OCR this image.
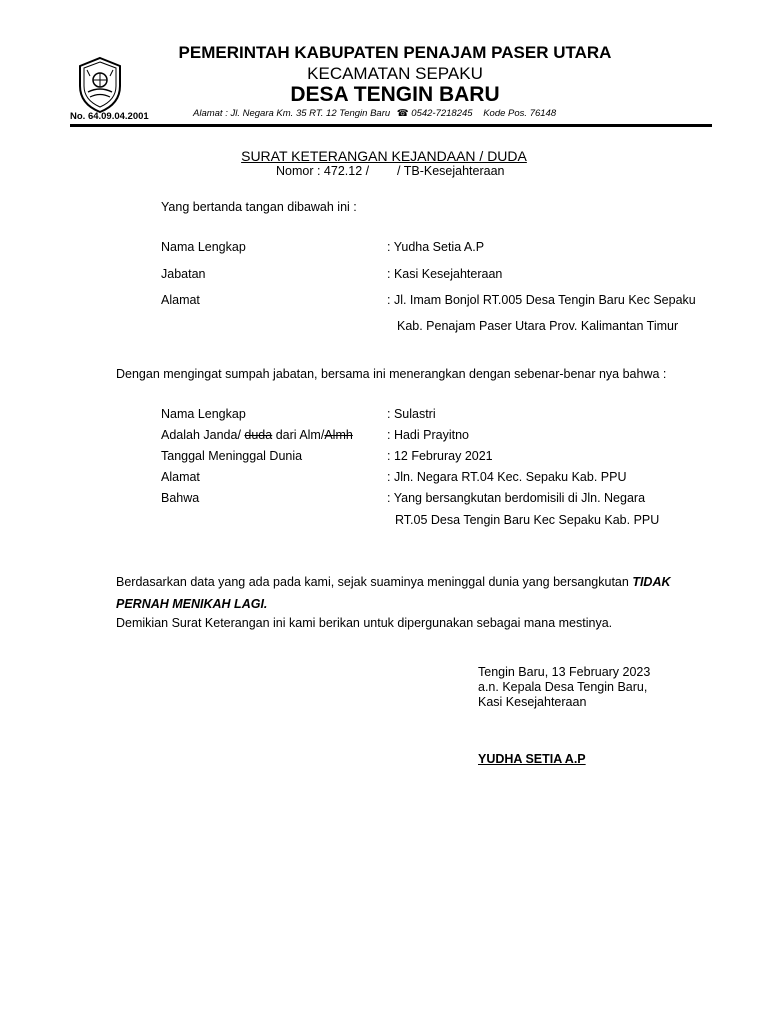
PEMERINTAH KABUPATEN PENAJAM PASER UTARA
KECAMATAN SEPAKU
DESA TENGIN BARU
No. 64.09.04.2001	Alamat : Jl. Negara Km. 35 RT. 12 Tengin Baru ☎ 0542-7218245 Kode Pos. 76148
SURAT KETERANGAN KEJANDAAN / DUDA
Nomor : 472.12 / / TB-Kesejahteraan
Yang bertanda tangan dibawah ini :
Nama Lengkap	: Yudha Setia A.P
Jabatan	: Kasi Kesejahteraan
Alamat	: Jl. Imam Bonjol RT.005 Desa Tengin Baru Kec Sepaku
Kab. Penajam Paser Utara Prov. Kalimantan Timur
Dengan mengingat sumpah jabatan, bersama ini menerangkan dengan sebenar-benar nya bahwa :
Nama Lengkap	: Sulastri
Adalah Janda/ duda dari Alm/Almh	: Hadi Prayitno
Tanggal Meninggal Dunia	: 12 Februray 2021
Alamat	: Jln. Negara RT.04 Kec. Sepaku Kab. PPU
Bahwa	: Yang bersangkutan berdomisili di Jln. Negara
RT.05 Desa Tengin Baru Kec Sepaku Kab. PPU
Berdasarkan data yang ada pada kami, sejak suaminya meninggal dunia yang bersangkutan TIDAK
PERNAH MENIKAH LAGI.
Demikian Surat Keterangan ini kami berikan untuk dipergunakan sebagai mana mestinya.
Tengin Baru, 13 February 2023
a.n. Kepala Desa Tengin Baru,
Kasi Kesejahteraan
YUDHA SETIA A.P
